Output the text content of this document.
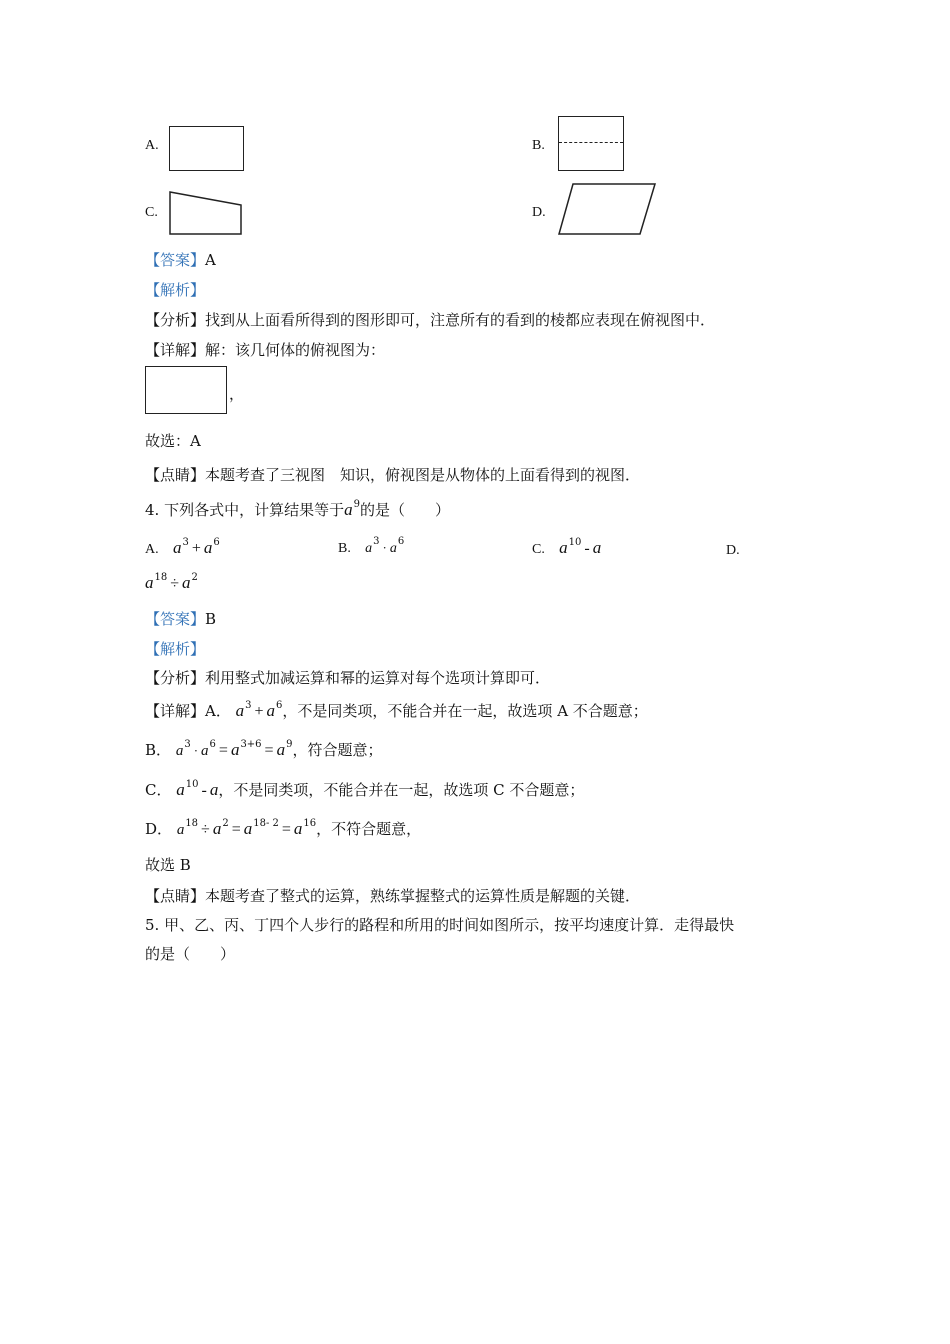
A.	B.
C.	D.
【答案】A
【解析】
【分析】找到从上面看所得到的图形即可，注意所有的看到的棱都应表现在俯视图中．
【详解】解：该几何体的俯视图为：
，
故选：A
【点睛】本题考查了三视图　知识，俯视图是从物体的上面看得到的视图．
4. 下列各式中，计算结果等于$a^9$的是（　　）
A. $a^3 + a^6$	B. $a^3 \cdot a^6$
C. $a^{10}$ - a	D.
$a^{18} \div a^2$
【答案】B
【解析】
【分析】利用整式加减运算和幂的运算对每个选项计算即可．
【详解】A． $a^3 + a^6$，不是同类项，不能合并在一起，故选项 A 不合题意；
B． $a^3 \cdot a^6 = a^{3+6} = a^9$，符合题意；
C． $a^{10}$ - a，不是同类项，不能合并在一起，故选项 C 不合题意；
D． $a^{18} \div a^2 = a^{18- 2} = a^{16}$，不符合题意，
故选 B
【点睛】本题考查了整式的运算，熟练掌握整式的运算性质是解题的关键．
5. 甲、乙、丙、丁四个人步行的路程和所用的时间如图所示，按平均速度计算．走得最快
的是（　　）
